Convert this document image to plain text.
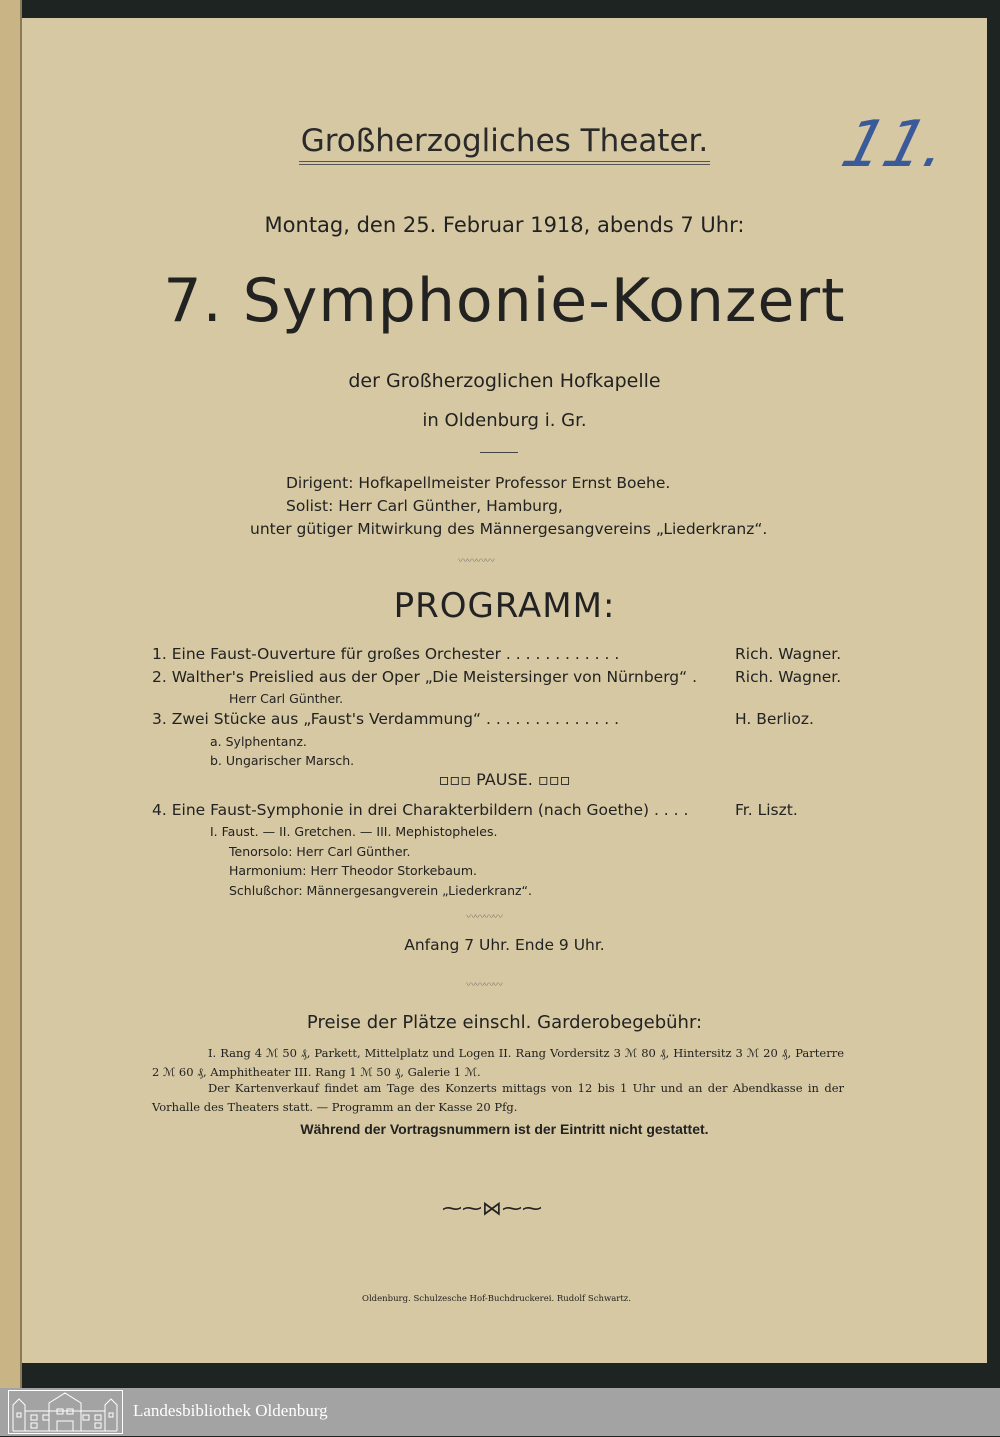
11.
Großherzogliches Theater.
Montag, den 25. Februar 1918, abends 7 Uhr:
7. Symphonie-Konzert
der Großherzoglichen Hofkapelle
in Oldenburg i. Gr.
Dirigent: Hofkapellmeister Professor Ernst Boehe.
Solist: Herr Carl Günther, Hamburg,
unter gütiger Mitwirkung des Männergesangvereins „Liederkranz“.
〰〰〰〰
PROGRAMM:
1. Eine Faust-Ouverture für großes Orchester . . . . . . . . . . . .	Rich. Wagner.
2. Walther's Preislied aus der Oper „Die Meistersinger von Nürnberg“ . Rich. Wagner.
Herr Carl Günther.
3. Zwei Stücke aus „Faust's Verdammung“ . . . . . . . . . . . . . .	H. Berlioz.
a. Sylphentanz.
b. Ungarischer Marsch.
▫▫▫ PAUSE. ▫▫▫
4. Eine Faust-Symphonie in drei Charakterbildern (nach Goethe) . . . .	Fr. Liszt.
I. Faust. — II. Gretchen. — III. Mephistopheles.
Tenorsolo: Herr Carl Günther.
Harmonium: Herr Theodor Storkebaum.
Schlußchor: Männergesangverein „Liederkranz“.
〰〰〰〰
Anfang 7 Uhr. Ende 9 Uhr.
〰〰〰〰
Preise der Plätze einschl. Garderobegebühr:
I. Rang 4 ℳ 50 ₰, Parkett, Mittelplatz und Logen II. Rang Vordersitz 3 ℳ 80 ₰, Hintersitz 3 ℳ 20 ₰, Parterre 2 ℳ 60 ₰, Amphitheater III. Rang 1 ℳ 50 ₰, Galerie 1 ℳ.
Der Kartenverkauf findet am Tage des Konzerts mittags von 12 bis 1 Uhr und an der Abendkasse in der Vorhalle des Theaters statt. — Programm an der Kasse 20 Pfg.
Während der Vortragsnummern ist der Eintritt nicht gestattet.
⁓⁓⋈⁓⁓
Oldenburg. Schulzesche Hof-Buchdruckerei. Rudolf Schwartz.
Landesbibliothek Oldenburg
